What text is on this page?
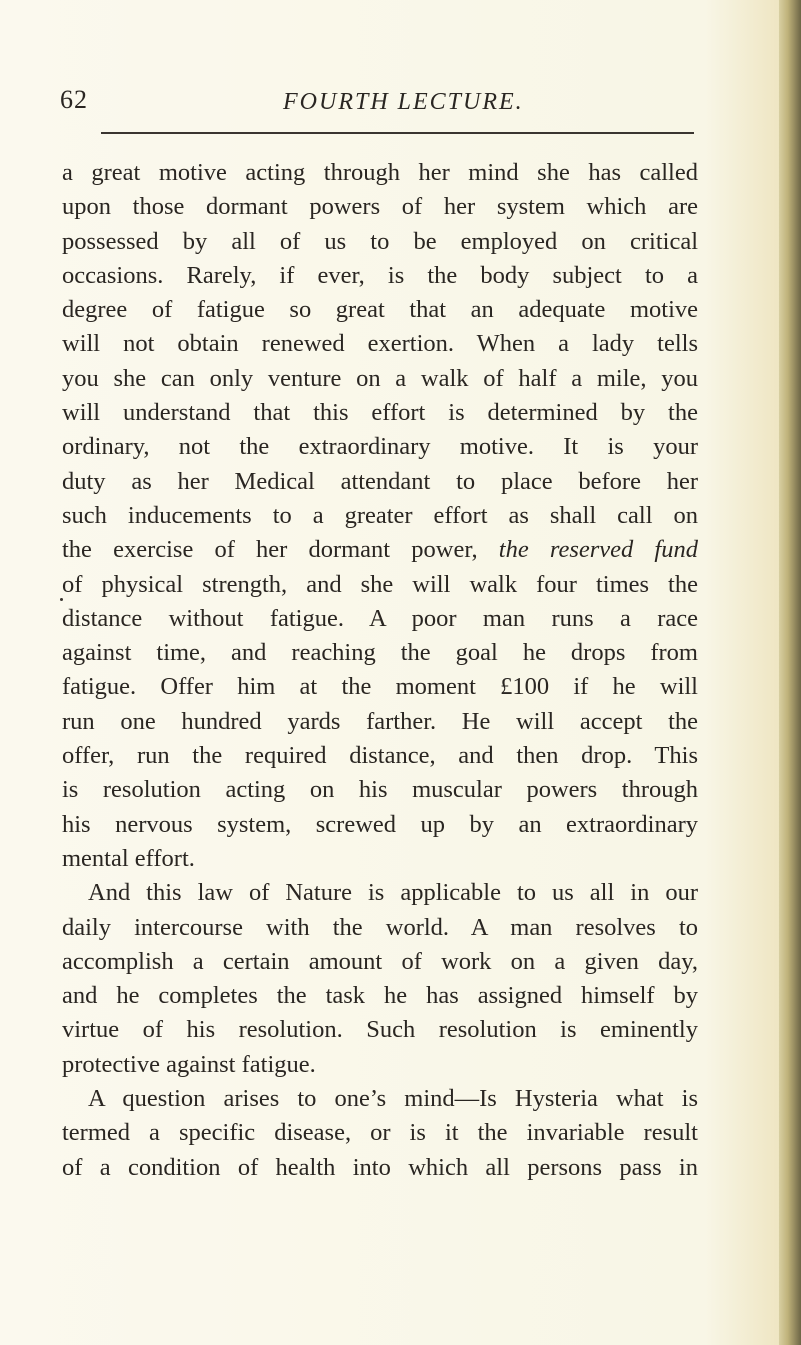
62	FOURTH LECTURE.

a great motive acting through her mind she has called
upon those dormant powers of her system which are
possessed by all of us to be employed on critical
occasions. Rarely, if ever, is the body subject to a
degree of fatigue so great that an adequate motive
will not obtain renewed exertion. When a lady tells
you she can only venture on a walk of half a mile, you
will understand that this effort is determined by the
ordinary, not the extraordinary motive. It is your
duty as her Medical attendant to place before her
such inducements to a greater effort as shall call on
the exercise of her dormant power, the reserved fund
of physical strength, and she will walk four times the
distance without fatigue. A poor man runs a race
against time, and reaching the goal he drops from
fatigue. Offer him at the moment £100 if he will
run one hundred yards farther. He will accept the
offer, run the required distance, and then drop. This
is resolution acting on his muscular powers through
his nervous system, screwed up by an extraordinary
mental effort.
And this law of Nature is applicable to us all in our
daily intercourse with the world. A man resolves to
accomplish a certain amount of work on a given day,
and he completes the task he has assigned himself by
virtue of his resolution. Such resolution is eminently
protective against fatigue.
A question arises to one’s mind—Is Hysteria what is
termed a specific disease, or is it the invariable result
of a condition of health into which all persons pass in
